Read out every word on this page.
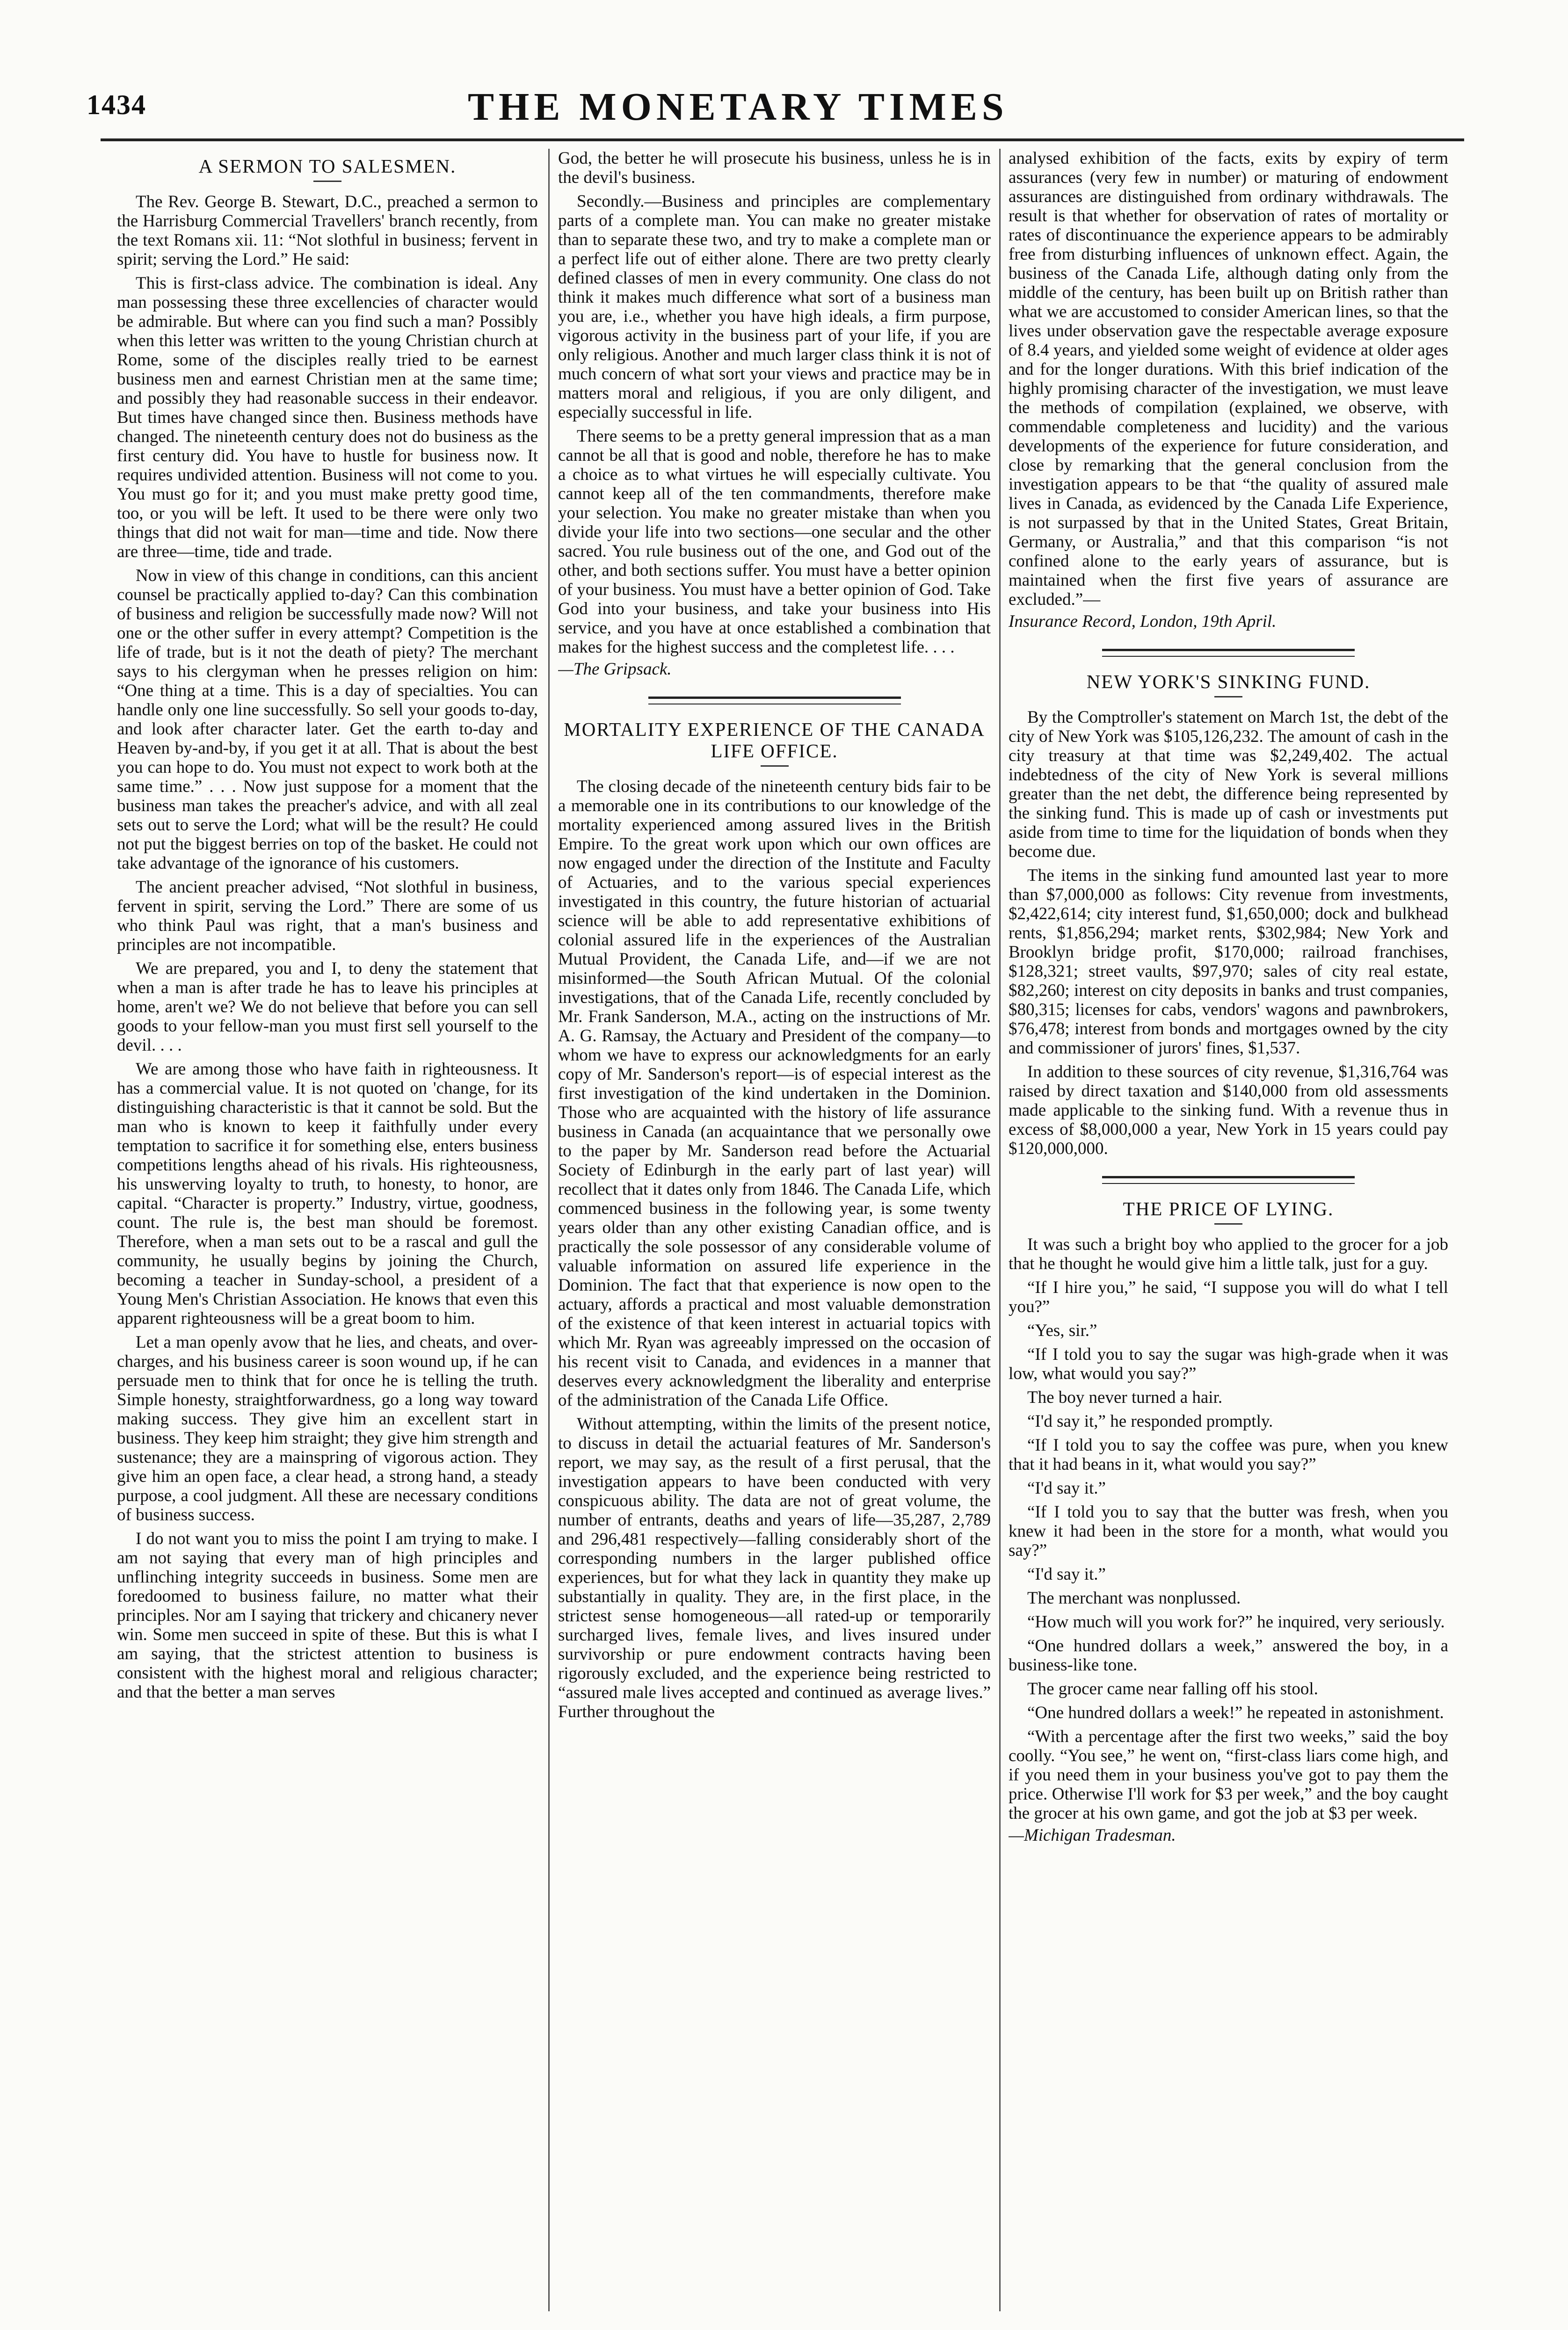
1434	THE MONETARY TIMES
A SERMON TO SALESMEN.

The Rev. George B. Stewart, D.C., preached a sermon to the Harrisburg Commercial Travellers' branch recently, from the text Romans xii. 11: “Not slothful in business; fervent in spirit; serving the Lord.” He said:

This is first-class advice. The combination is ideal. Any man possessing these three excellencies of character would be admirable. But where can you find such a man? Possibly when this letter was written to the young Christian church at Rome, some of the disciples really tried to be earnest business men and earnest Christian men at the same time; and possibly they had reasonable success in their endeavor. But times have changed since then. Business methods have changed. The nineteenth century does not do business as the first century did. You have to hustle for business now. It requires undivided attention. Business will not come to you. You must go for it; and you must make pretty good time, too, or you will be left. It used to be there were only two things that did not wait for man—time and tide. Now there are three—time, tide and trade.

Now in view of this change in conditions, can this ancient counsel be practically applied to-day? Can this combination of business and religion be successfully made now? Will not one or the other suffer in every attempt? Competition is the life of trade, but is it not the death of piety? The merchant says to his clergyman when he presses religion on him: “One thing at a time. This is a day of specialties. You can handle only one line successfully. So sell your goods to-day, and look after character later. Get the earth to-day and Heaven by-and-by, if you get it at all. That is about the best you can hope to do. You must not expect to work both at the same time.” . . . Now just suppose for a moment that the business man takes the preacher's advice, and with all zeal sets out to serve the Lord; what will be the result? He could not put the biggest berries on top of the basket. He could not take advantage of the ignorance of his customers.

The ancient preacher advised, “Not slothful in business, fervent in spirit, serving the Lord.” There are some of us who think Paul was right, that a man's business and principles are not incompatible.

We are prepared, you and I, to deny the statement that when a man is after trade he has to leave his principles at home, aren't we? We do not believe that before you can sell goods to your fellow-man you must first sell yourself to the devil. . . .

We are among those who have faith in righteousness. It has a commercial value. It is not quoted on 'change, for its distinguishing characteristic is that it cannot be sold. But the man who is known to keep it faithfully under every temptation to sacrifice it for something else, enters business competitions lengths ahead of his rivals. His righteousness, his unswerving loyalty to truth, to honesty, to honor, are capital. “Character is property.” Industry, virtue, goodness, count. The rule is, the best man should be foremost. Therefore, when a man sets out to be a rascal and gull the community, he usually begins by joining the Church, becoming a teacher in Sunday-school, a president of a Young Men's Christian Association. He knows that even this apparent righteousness will be a great boom to him.

Let a man openly avow that he lies, and cheats, and over-charges, and his business career is soon wound up, if he can persuade men to think that for once he is telling the truth. Simple honesty, straightforwardness, go a long way toward making success. They give him an excellent start in business. They keep him straight; they give him strength and sustenance; they are a mainspring of vigorous action. They give him an open face, a clear head, a strong hand, a steady purpose, a cool judgment. All these are necessary conditions of business success.

I do not want you to miss the point I am trying to make. I am not saying that every man of high principles and unflinching integrity succeeds in business. Some men are foredoomed to business failure, no matter what their principles. Nor am I saying that trickery and chicanery never win. Some men succeed in spite of these. But this is what I am saying, that the strictest attention to business is consistent with the highest moral and religious character; and that the better a man serves

God, the better he will prosecute his business, unless he is in the devil's business.

Secondly.—Business and principles are complementary parts of a complete man. You can make no greater mistake than to separate these two, and try to make a complete man or a perfect life out of either alone. There are two pretty clearly defined classes of men in every community. One class do not think it makes much difference what sort of a business man you are, i.e., whether you have high ideals, a firm purpose, vigorous activity in the business part of your life, if you are only religious. Another and much larger class think it is not of much concern of what sort your views and practice may be in matters moral and religious, if you are only diligent, and especially successful in life.

There seems to be a pretty general impression that as a man cannot be all that is good and noble, therefore he has to make a choice as to what virtues he will especially cultivate. You cannot keep all of the ten commandments, therefore make your selection. You make no greater mistake than when you divide your life into two sections—one secular and the other sacred. You rule business out of the one, and God out of the other, and both sections suffer. You must have a better opinion of your business. You must have a better opinion of God. Take God into your business, and take your business into His service, and you have at once established a combination that makes for the highest success and the completest life. . . .

—The Gripsack.

MORTALITY EXPERIENCE OF THE CANADA LIFE OFFICE.

The closing decade of the nineteenth century bids fair to be a memorable one in its contributions to our knowledge of the mortality experienced among assured lives in the British Empire. To the great work upon which our own offices are now engaged under the direction of the Institute and Faculty of Actuaries, and to the various special experiences investigated in this country, the future historian of actuarial science will be able to add representative exhibitions of colonial assured life in the experiences of the Australian Mutual Provident, the Canada Life, and—if we are not misinformed—the South African Mutual. Of the colonial investigations, that of the Canada Life, recently concluded by Mr. Frank Sanderson, M.A., acting on the instructions of Mr. A. G. Ramsay, the Actuary and President of the company—to whom we have to express our acknowledgments for an early copy of Mr. Sanderson's report—is of especial interest as the first investigation of the kind undertaken in the Dominion. Those who are acquainted with the history of life assurance business in Canada (an acquaintance that we personally owe to the paper by Mr. Sanderson read before the Actuarial Society of Edinburgh in the early part of last year) will recollect that it dates only from 1846. The Canada Life, which commenced business in the following year, is some twenty years older than any other existing Canadian office, and is practically the sole possessor of any considerable volume of valuable information on assured life experience in the Dominion. The fact that that experience is now open to the actuary, affords a practical and most valuable demonstration of the existence of that keen interest in actuarial topics with which Mr. Ryan was agreeably impressed on the occasion of his recent visit to Canada, and evidences in a manner that deserves every acknowledgment the liberality and enterprise of the administration of the Canada Life Office.

Without attempting, within the limits of the present notice, to discuss in detail the actuarial features of Mr. Sanderson's report, we may say, as the result of a first perusal, that the investigation appears to have been conducted with very conspicuous ability. The data are not of great volume, the number of entrants, deaths and years of life—35,287, 2,789 and 296,481 respectively—falling considerably short of the corresponding numbers in the larger published office experiences, but for what they lack in quantity they make up substantially in quality. They are, in the first place, in the strictest sense homogeneous—all rated-up or temporarily surcharged lives, female lives, and lives insured under survivorship or pure endowment contracts having been rigorously excluded, and the experience being restricted to “assured male lives accepted and continued as average lives.” Further throughout the

analysed exhibition of the facts, exits by expiry of term assurances (very few in number) or maturing of endowment assurances are distinguished from ordinary withdrawals. The result is that whether for observation of rates of mortality or rates of discontinuance the experience appears to be admirably free from disturbing influences of unknown effect. Again, the business of the Canada Life, although dating only from the middle of the century, has been built up on British rather than what we are accustomed to consider American lines, so that the lives under observation gave the respectable average exposure of 8.4 years, and yielded some weight of evidence at older ages and for the longer durations. With this brief indication of the highly promising character of the investigation, we must leave the methods of compilation (explained, we observe, with commendable completeness and lucidity) and the various developments of the experience for future consideration, and close by remarking that the general conclusion from the investigation appears to be that “the quality of assured male lives in Canada, as evidenced by the Canada Life Experience, is not surpassed by that in the United States, Great Britain, Germany, or Australia,” and that this comparison “is not confined alone to the early years of assurance, but is maintained when the first five years of assurance are excluded.”—

Insurance Record, London, 19th April.

NEW YORK'S SINKING FUND.

By the Comptroller's statement on March 1st, the debt of the city of New York was $105,126,232. The amount of cash in the city treasury at that time was $2,249,402. The actual indebtedness of the city of New York is several millions greater than the net debt, the difference being represented by the sinking fund. This is made up of cash or investments put aside from time to time for the liquidation of bonds when they become due.

The items in the sinking fund amounted last year to more than $7,000,000 as follows: City revenue from investments, $2,422,614; city interest fund, $1,650,000; dock and bulkhead rents, $1,856,294; market rents, $302,984; New York and Brooklyn bridge profit, $170,000; railroad franchises, $128,321; street vaults, $97,970; sales of city real estate, $82,260; interest on city deposits in banks and trust companies, $80,315; licenses for cabs, vendors' wagons and pawnbrokers, $76,478; interest from bonds and mortgages owned by the city and commissioner of jurors' fines, $1,537.

In addition to these sources of city revenue, $1,316,764 was raised by direct taxation and $140,000 from old assessments made applicable to the sinking fund. With a revenue thus in excess of $8,000,000 a year, New York in 15 years could pay $120,000,000.

THE PRICE OF LYING.

It was such a bright boy who applied to the grocer for a job that he thought he would give him a little talk, just for a guy.

“If I hire you,” he said, “I suppose you will do what I tell you?”

“Yes, sir.”

“If I told you to say the sugar was high-grade when it was low, what would you say?”

The boy never turned a hair.

“I'd say it,” he responded promptly.

“If I told you to say the coffee was pure, when you knew that it had beans in it, what would you say?”

“I'd say it.”

“If I told you to say that the butter was fresh, when you knew it had been in the store for a month, what would you say?”

“I'd say it.”

The merchant was nonplussed.

“How much will you work for?” he inquired, very seriously.

“One hundred dollars a week,” answered the boy, in a business-like tone.

The grocer came near falling off his stool.

“One hundred dollars a week!” he repeated in astonishment.

“With a percentage after the first two weeks,” said the boy coolly. “You see,” he went on, “first-class liars come high, and if you need them in your business you've got to pay them the price. Otherwise I'll work for $3 per week,” and the boy caught the grocer at his own game, and got the job at $3 per week.

—Michigan Tradesman.
